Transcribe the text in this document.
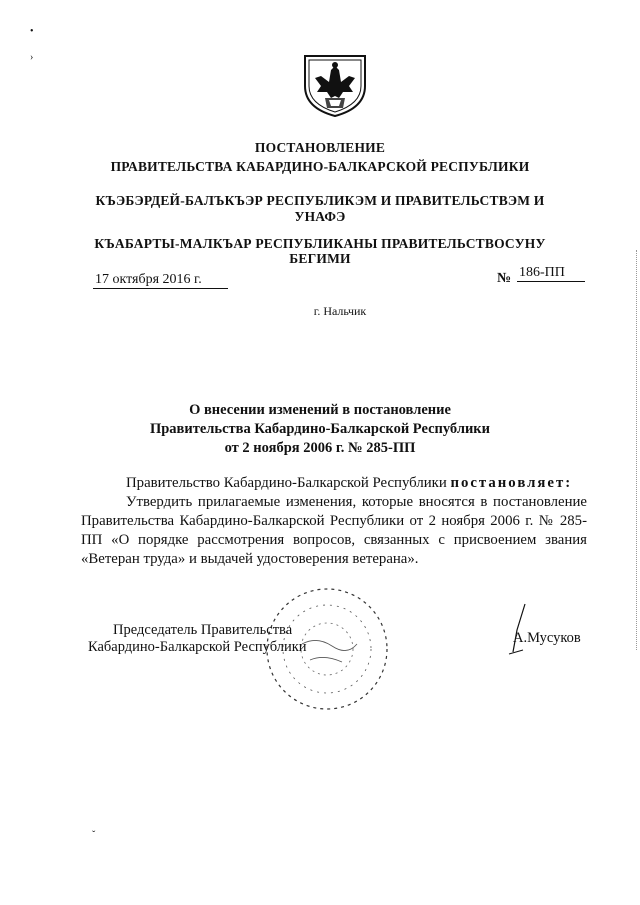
•
›
ˇ
ПОСТАНОВЛЕНИЕ
ПРАВИТЕЛЬСТВА КАБАРДИНО-БАЛКАРСКОЙ РЕСПУБЛИКИ
КЪЭБЭРДЕЙ-БАЛЪКЪЭР РЕСПУБЛИКЭМ И ПРАВИТЕЛЬСТВЭМ И
УНАФЭ
КЪАБАРТЫ-МАЛКЪАР РЕСПУБЛИКАНЫ ПРАВИТЕЛЬСТВОСУНУ
БЕГИМИ
17 октября 2016 г.	№ 186-ПП
г. Нальчик
О внесении изменений в постановление
Правительства Кабардино-Балкарской Республики
от 2 ноября 2006 г. № 285-ПП
Правительство Кабардино-Балкарской Республики постановляет:
Утвердить прилагаемые изменения, которые вносятся в постановление Правительства Кабардино-Балкарской Республики от 2 ноября 2006 г. № 285-ПП «О порядке рассмотрения вопросов, связанных с присвоением звания «Ветеран труда» и выдачей удостоверения ветерана».
Председатель Правительства
Кабардино-Балкарской Республики
А.Мусуков
